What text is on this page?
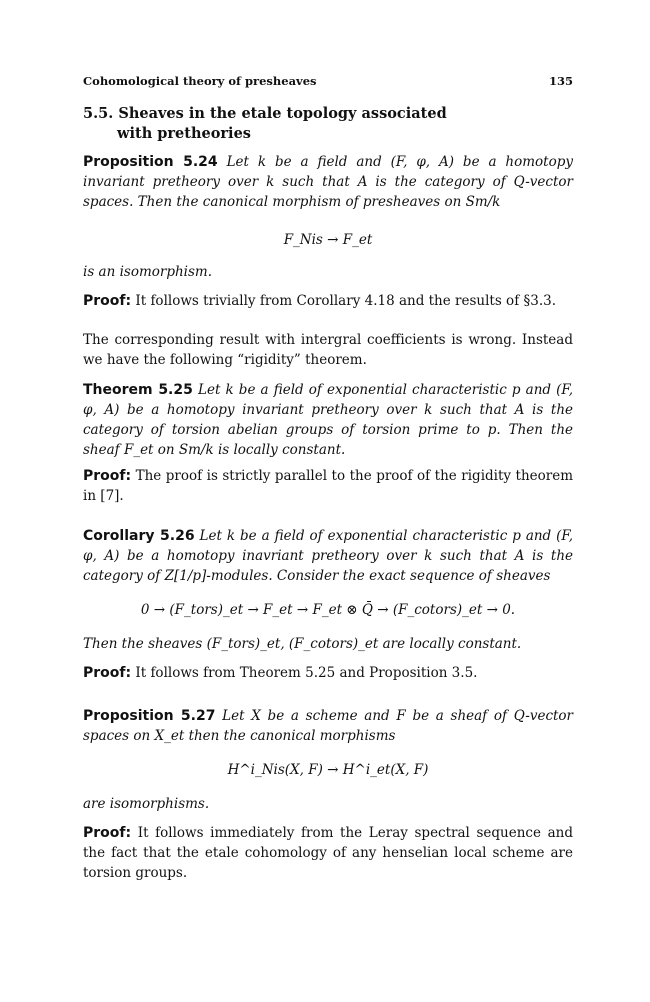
Cohomological theory of presheaves	135
5.5. Sheaves in the etale topology associated
with pretheories
Proposition 5.24 Let k be a field and (F, φ, A) be a homotopy invariant pretheory over k such that A is the category of Q-vector spaces. Then the canonical morphism of presheaves on Sm/k
F_Nis → F_et
is an isomorphism.
Proof: It follows trivially from Corollary 4.18 and the results of §3.3.
The corresponding result with intergral coefficients is wrong. Instead we have the following “rigidity” theorem.
Theorem 5.25 Let k be a field of exponential characteristic p and (F, φ, A) be a homotopy invariant pretheory over k such that A is the category of torsion abelian groups of torsion prime to p. Then the sheaf F_et on Sm/k is locally constant.
Proof: The proof is strictly parallel to the proof of the rigidity theorem in [7].
Corollary 5.26 Let k be a field of exponential characteristic p and (F, φ, A) be a homotopy inavriant pretheory over k such that A is the category of Z[1/p]-modules. Consider the exact sequence of sheaves
0 → (F_tors)_et → F_et → F_et ⊗ Q̄ → (F_cotors)_et → 0.
Then the sheaves (F_tors)_et, (F_cotors)_et are locally constant.
Proof: It follows from Theorem 5.25 and Proposition 3.5.
Proposition 5.27 Let X be a scheme and F be a sheaf of Q-vector spaces on X_et then the canonical morphisms
H^i_Nis(X, F) → H^i_et(X, F)
are isomorphisms.
Proof: It follows immediately from the Leray spectral sequence and the fact that the etale cohomology of any henselian local scheme are torsion groups.
